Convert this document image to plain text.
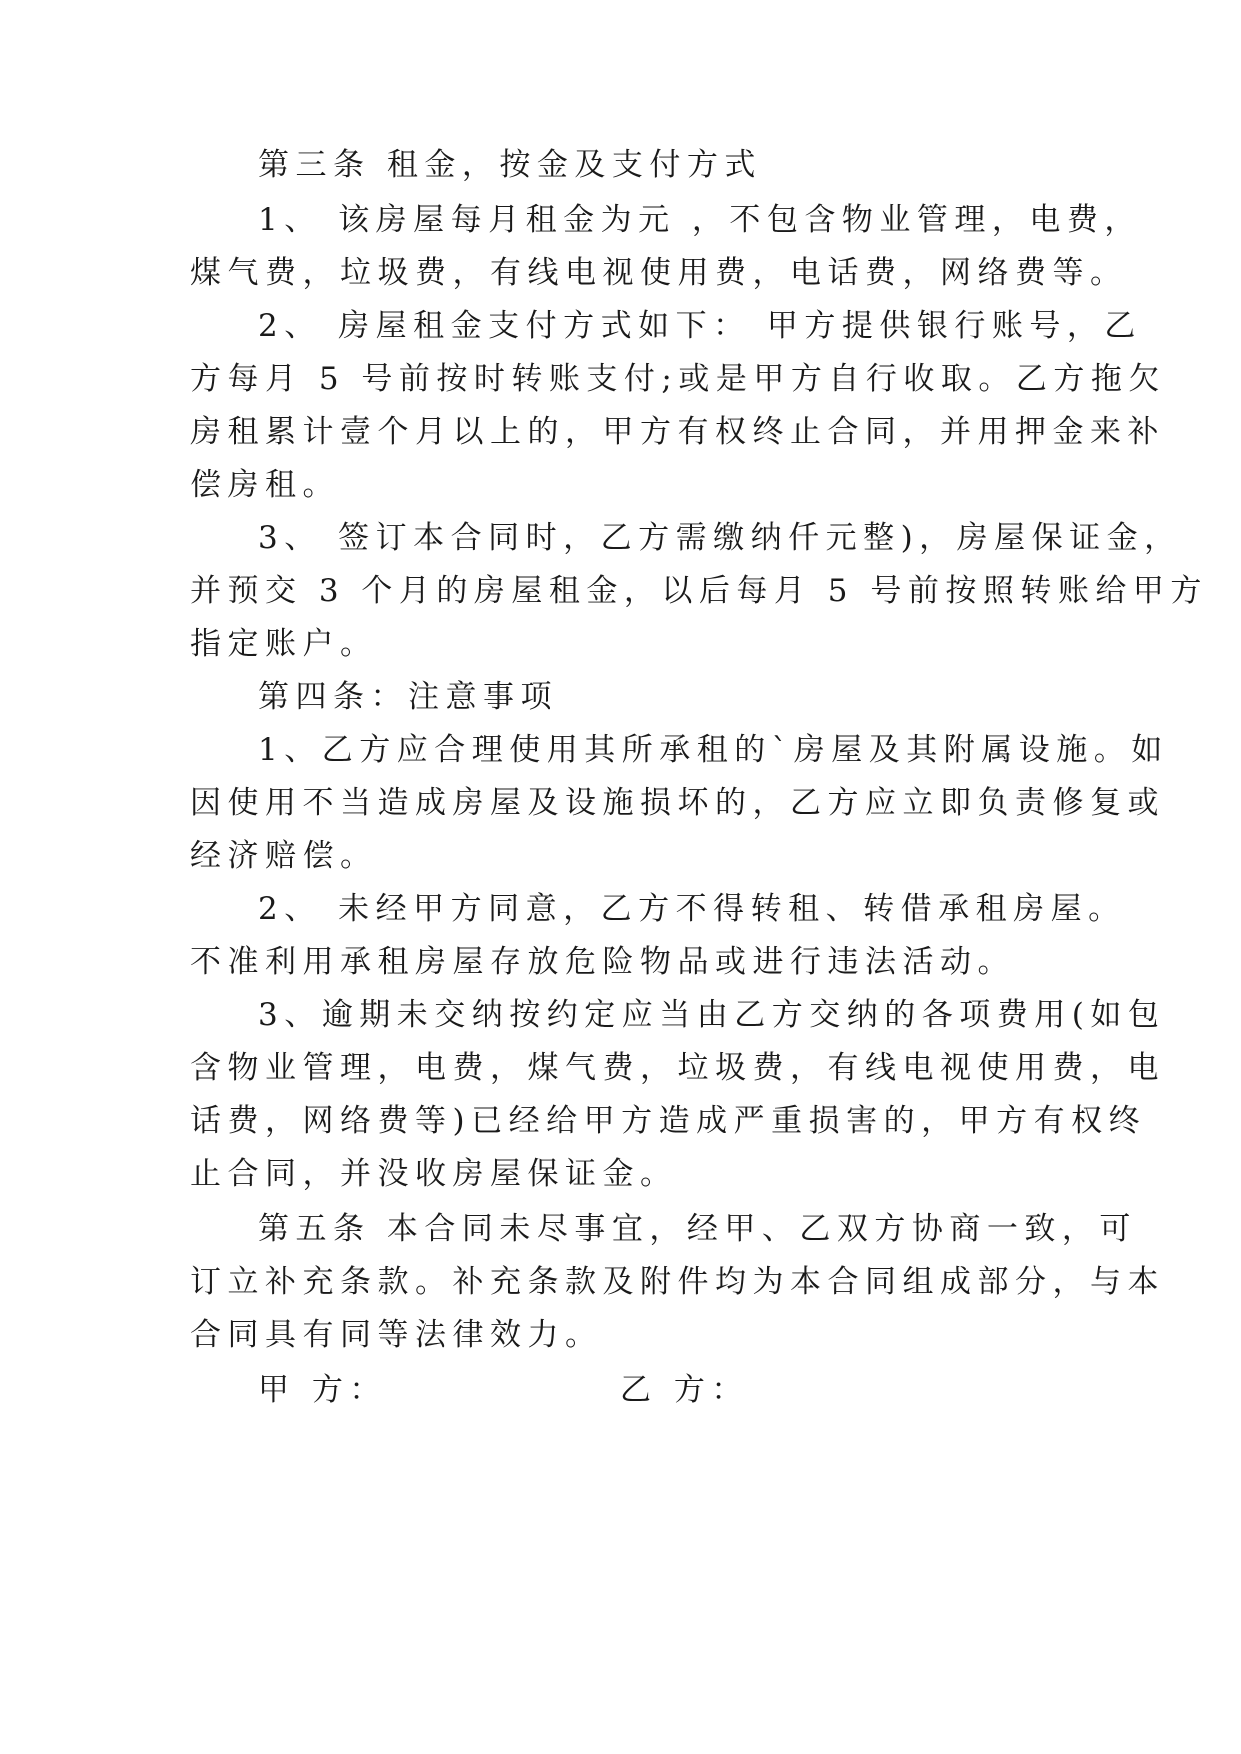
第三条 租金，按金及支付方式
1、 该房屋每月租金为元 ，不包含物业管理，电费，
煤气费，垃圾费，有线电视使用费，电话费，网络费等。
2、 房屋租金支付方式如下： 甲方提供银行账号，乙
方每月 5 号前按时转账支付;或是甲方自行收取。乙方拖欠
房租累计壹个月以上的，甲方有权终止合同，并用押金来补
偿房租。
3、 签订本合同时，乙方需缴纳仟元整)，房屋保证金，
并预交 3 个月的房屋租金，以后每月 5 号前按照转账给甲方
指定账户。
第四条：注意事项
1、乙方应合理使用其所承租的`房屋及其附属设施。如
因使用不当造成房屋及设施损坏的，乙方应立即负责修复或
经济赔偿。
2、 未经甲方同意，乙方不得转租、转借承租房屋。
不准利用承租房屋存放危险物品或进行违法活动。
3、逾期未交纳按约定应当由乙方交纳的各项费用(如包
含物业管理，电费，煤气费，垃圾费，有线电视使用费，电
话费，网络费等)已经给甲方造成严重损害的，甲方有权终
止合同，并没收房屋保证金。
第五条 本合同未尽事宜，经甲、乙双方协商一致，可
订立补充条款。补充条款及附件均为本合同组成部分，与本
合同具有同等法律效力。
甲 方：	乙 方：
